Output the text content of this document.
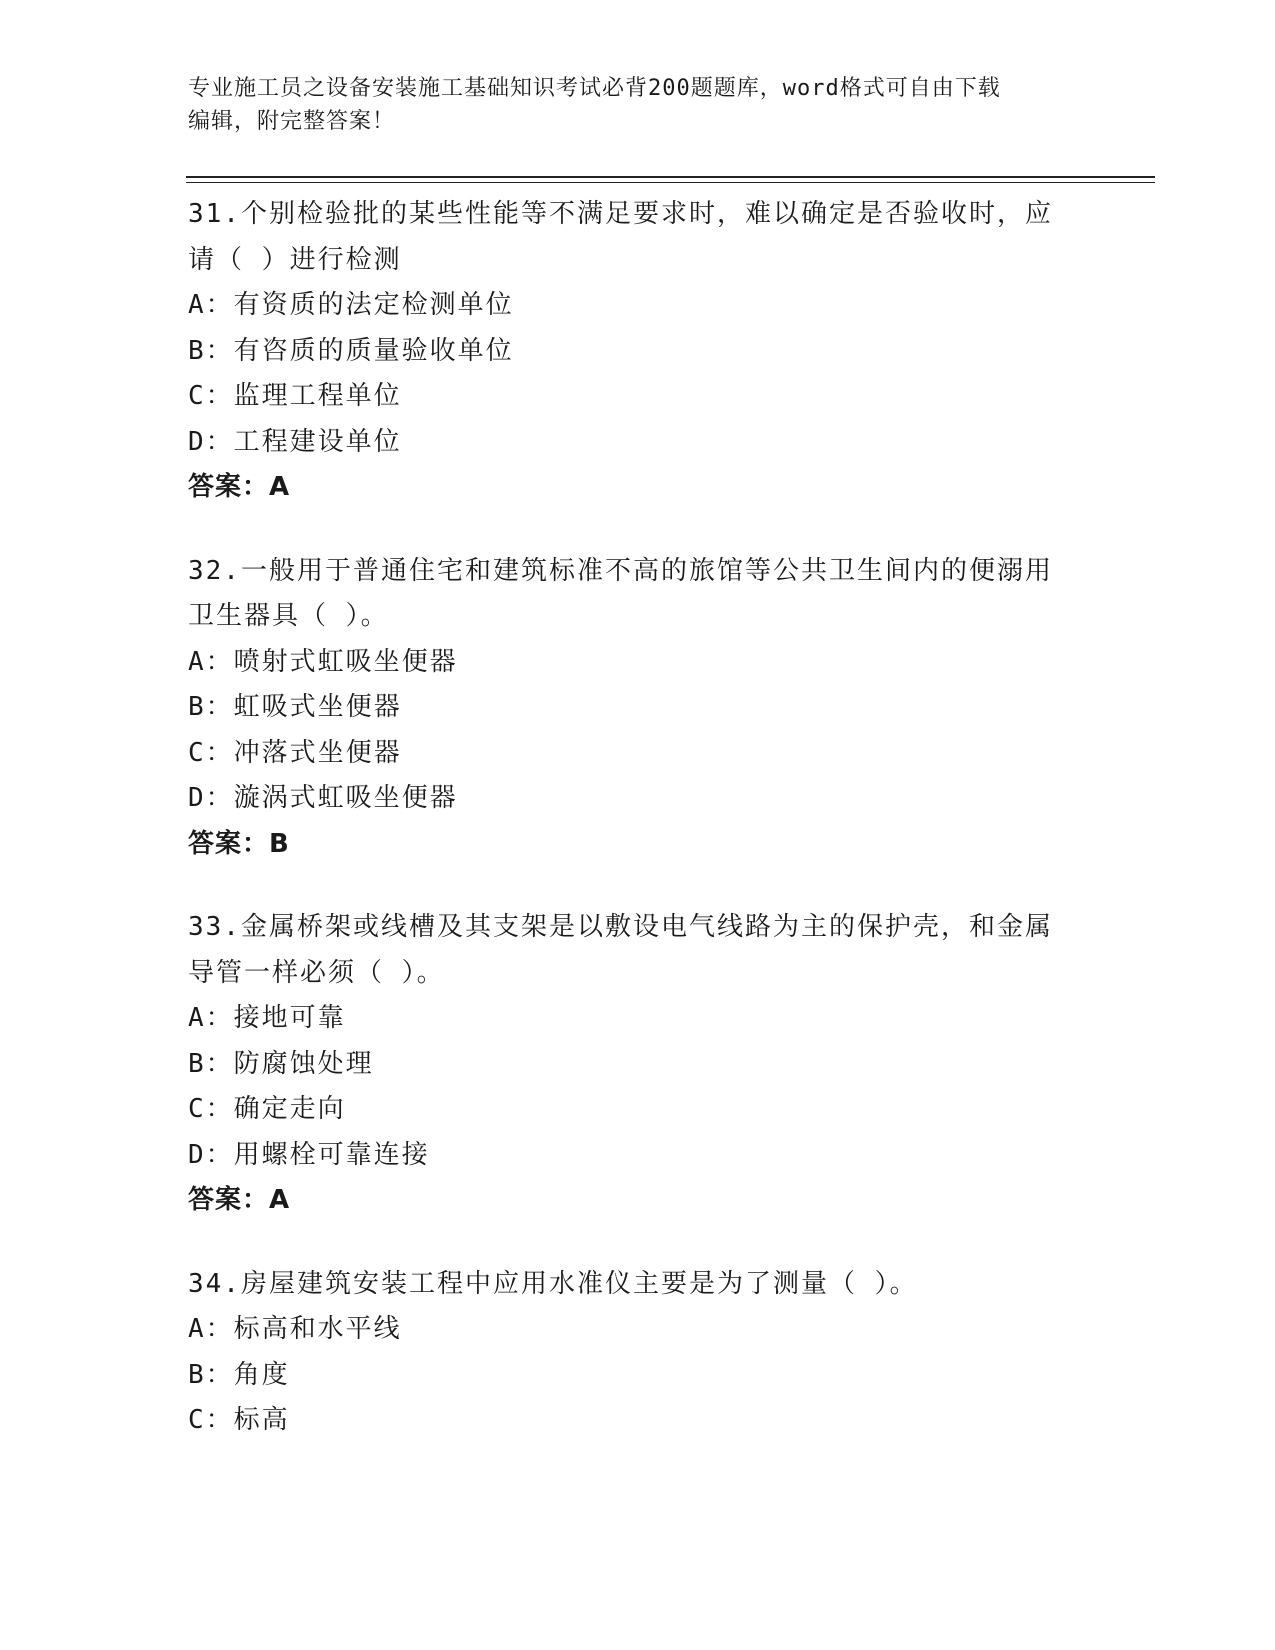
专业施工员之设备安装施工基础知识考试必背200题题库，word格式可自由下载
编辑，附完整答案！
31.个别检验批的某些性能等不满足要求时，难以确定是否验收时，应请（ ）进行检测
A：有资质的法定检测单位
B：有咨质的质量验收单位
C：监理工程单位
D：工程建设单位
答案：A
32.一般用于普通住宅和建筑标准不高的旅馆等公共卫生间内的便溺用卫生器具（ ）。
A：喷射式虹吸坐便器
B：虹吸式坐便器
C：冲落式坐便器
D：漩涡式虹吸坐便器
答案：B
33.金属桥架或线槽及其支架是以敷设电气线路为主的保护壳，和金属导管一样必须（ ）。
A：接地可靠
B：防腐蚀处理
C：确定走向
D：用螺栓可靠连接
答案：A
34.房屋建筑安装工程中应用水准仪主要是为了测量（ ）。
A：标高和水平线
B：角度
C：标高
